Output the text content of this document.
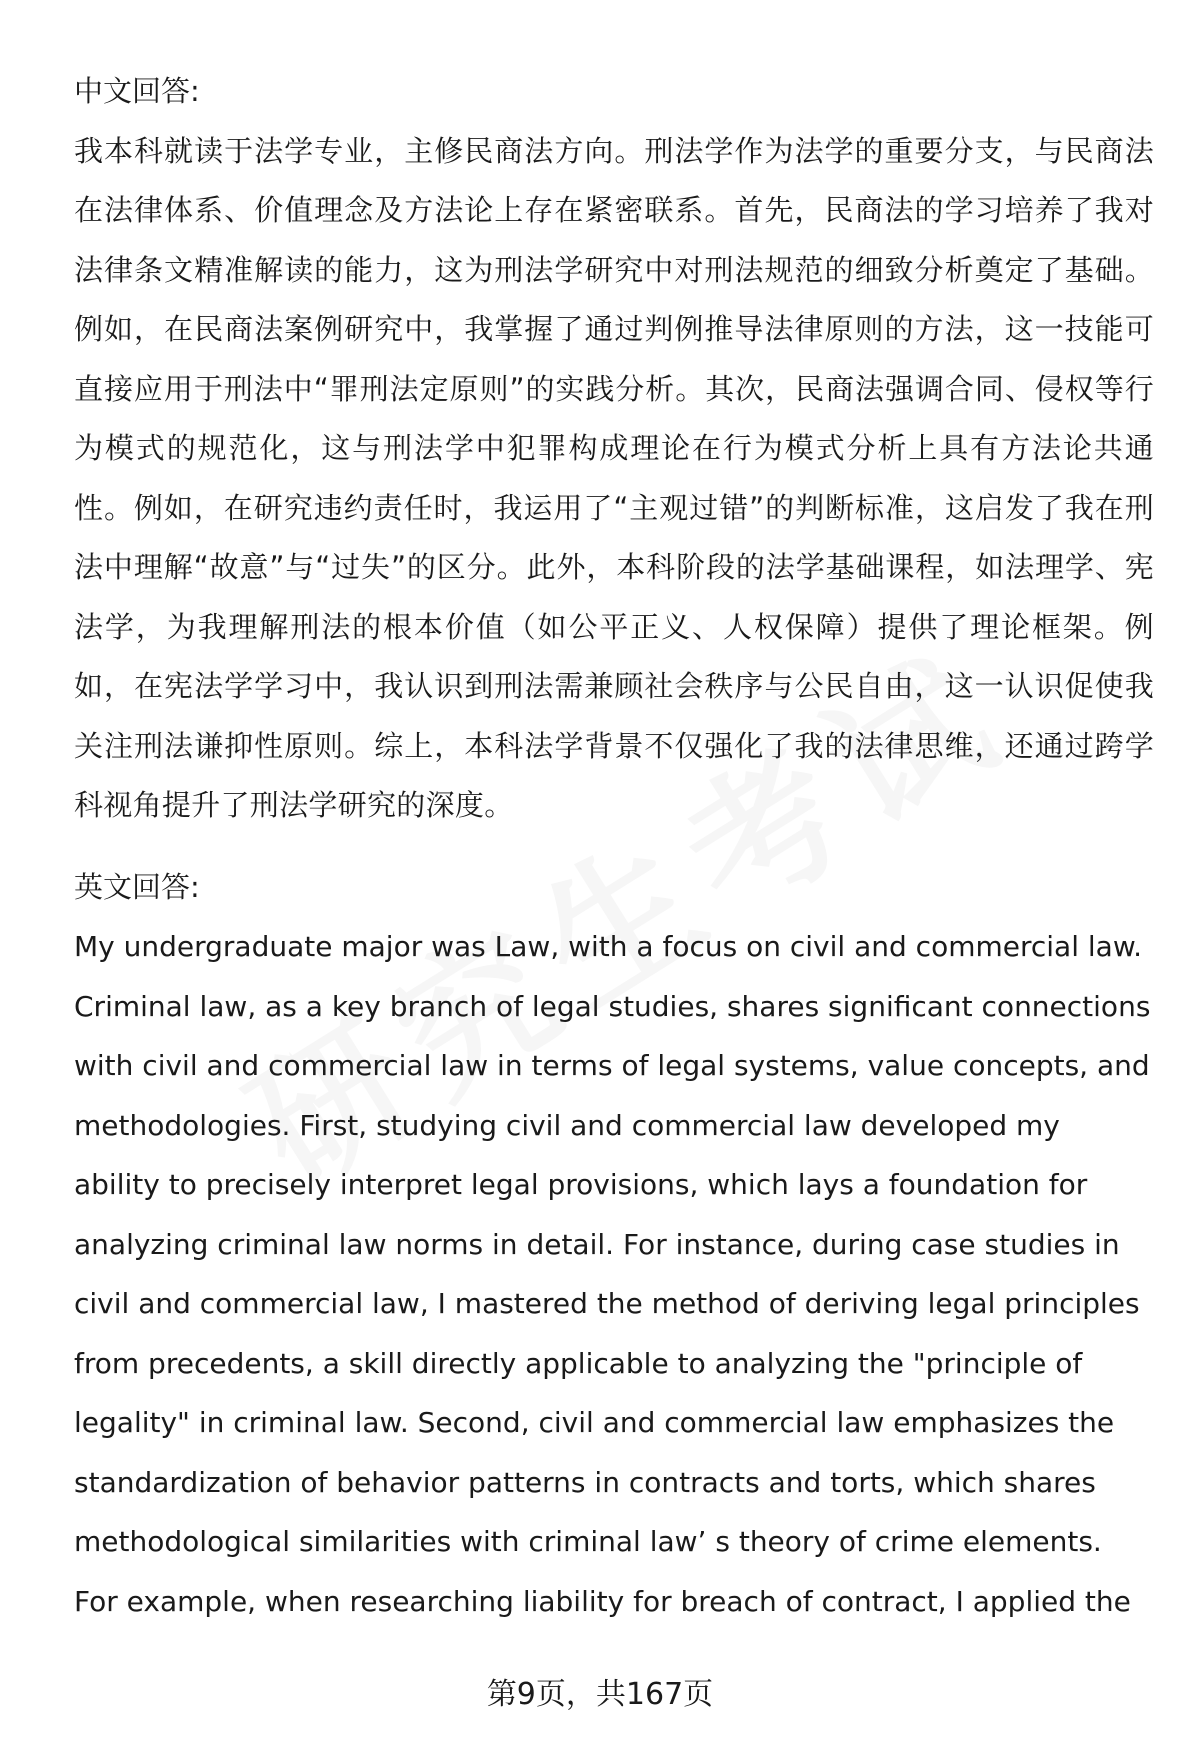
中文回答:

我本科就读于法学专业，主修民商法方向。刑法学作为法学的重要分支，与民商法在法律体系、价值理念及方法论上存在紧密联系。首先，民商法的学习培养了我对法律条文精准解读的能力，这为刑法学研究中对刑法规范的细致分析奠定了基础。例如，在民商法案例研究中，我掌握了通过判例推导法律原则的方法，这一技能可直接应用于刑法中“罪刑法定原则”的实践分析。其次，民商法强调合同、侵权等行为模式的规范化，这与刑法学中犯罪构成理论在行为模式分析上具有方法论共通性。例如，在研究违约责任时，我运用了“主观过错”的判断标准，这启发了我在刑法中理解“故意”与“过失”的区分。此外，本科阶段的法学基础课程，如法理学、宪法学，为我理解刑法的根本价值（如公平正义、人权保障）提供了理论框架。例如，在宪法学学习中，我认识到刑法需兼顾社会秩序与公民自由，这一认识促使我关注刑法谦抑性原则。综上，本科法学背景不仅强化了我的法律思维，还通过跨学科视角提升了刑法学研究的深度。

英文回答:

My undergraduate major was Law, with a focus on civil and commercial law. Criminal law, as a key branch of legal studies, shares significant connections with civil and commercial law in terms of legal systems, value concepts, and methodologies. First, studying civil and commercial law developed my ability to precisely interpret legal provisions, which lays a foundation for analyzing criminal law norms in detail. For instance, during case studies in civil and commercial law, I mastered the method of deriving legal principles from precedents, a skill directly applicable to analyzing the "principle of legality" in criminal law. Second, civil and commercial law emphasizes the standardization of behavior patterns in contracts and torts, which shares methodological similarities with criminal law’ s theory of crime elements. For example, when researching liability for breach of contract, I applied the

第9页，共167页
